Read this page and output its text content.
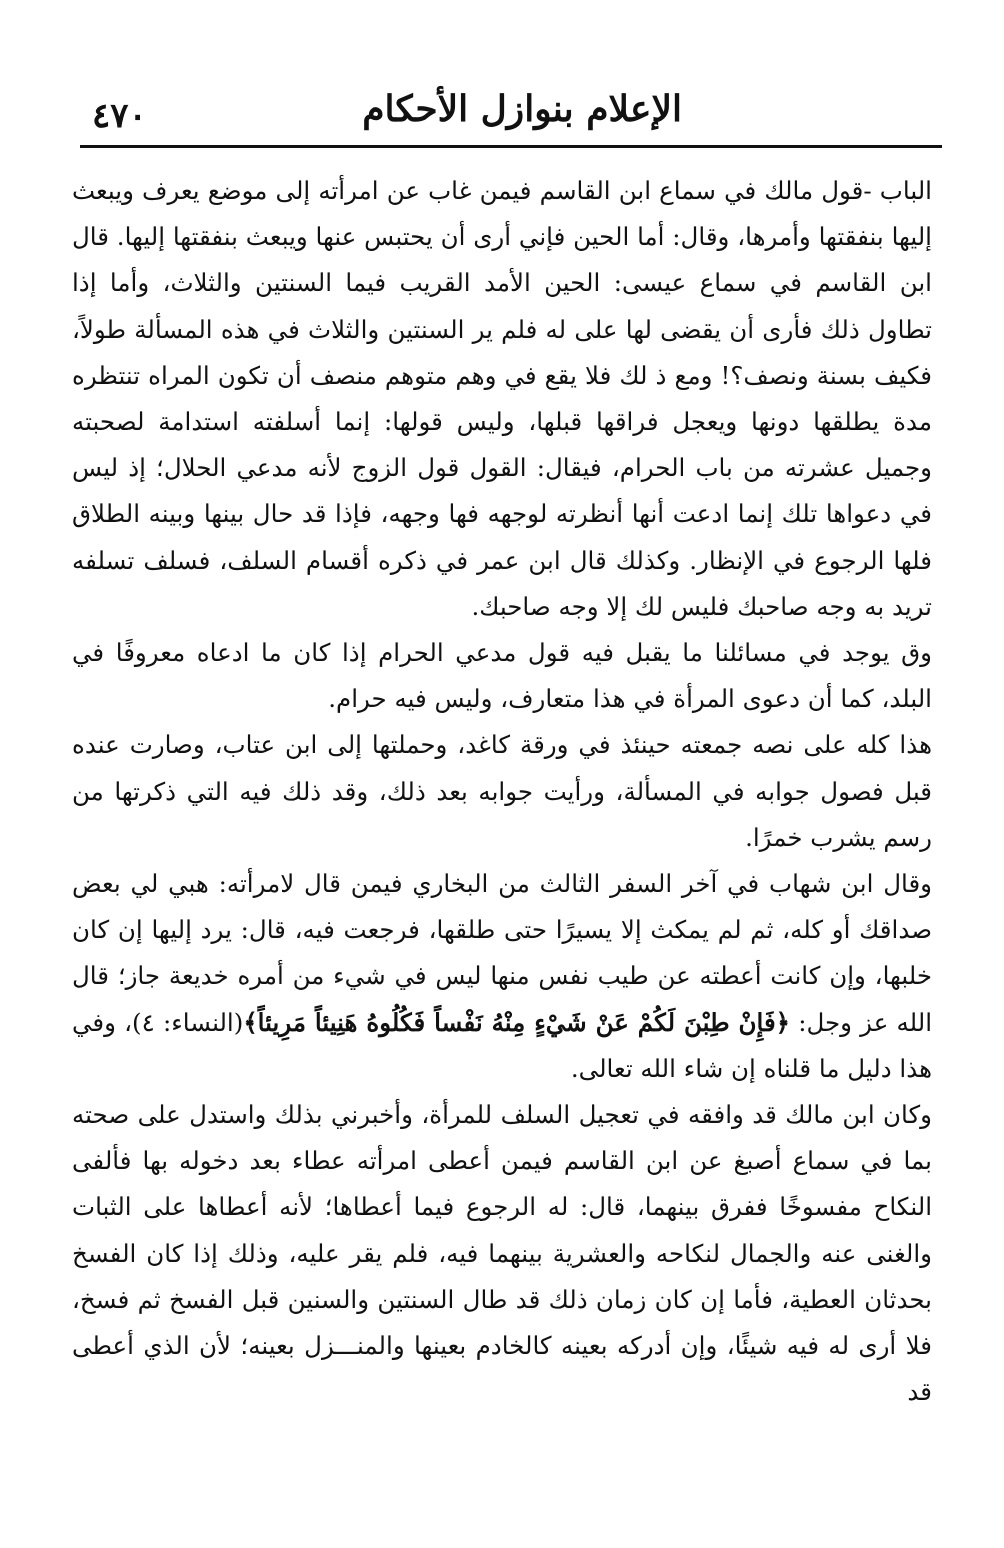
٤٧٠	الإعلام بنوازل الأحكام

الباب -قول مالك في سماع ابن القاسم فيمن غاب عن امرأته إلى موضع يعرف ويبعث إليها بنفقتها وأمرها، وقال: أما الحين فإني أرى أن يحتبس عنها ويبعث بنفقتها إليها. قال ابن القاسم في سماع عيسى: الحين الأمد القريب فيما السنتين والثلاث، وأما إذا تطاول ذلك فأرى أن يقضى لها على له فلم ير السنتين والثلاث في هذه المسألة طولاً، فكيف بسنة ونصف؟! ومع ذ لك فلا يقع في وهم متوهم منصف أن تكون المراه تنتظره مدة يطلقها دونها ويعجل فراقها قبلها، وليس قولها: إنما أسلفته استدامة لصحبته وجميل عشرته من باب الحرام، فيقال: القول قول الزوج لأنه مدعي الحلال؛ إذ ليس في دعواها تلك إنما ادعت أنها أنظرته لوجهه فها وجهه، فإذا قد حال بينها وبينه الطلاق فلها الرجوع في الإنظار. وكذلك قال ابن عمر في ذكره أقسام السلف، فسلف تسلفه تريد به وجه صاحبك فليس لك إلا وجه صاحبك.

وق يوجد في مسائلنا ما يقبل فيه قول مدعي الحرام إذا كان ما ادعاه معروفًا في البلد، كما أن دعوى المرأة في هذا متعارف، وليس فيه حرام.

هذا كله على نصه جمعته حينئذ في ورقة كاغد، وحملتها إلى ابن عتاب، وصارت عنده قبل فصول جوابه في المسألة، ورأيت جوابه بعد ذلك، وقد ذلك فيه التي ذكرتها من رسم يشرب خمرًا.

وقال ابن شهاب في آخر السفر الثالث من البخاري فيمن قال لامرأته: هبي لي بعض صداقك أو كله، ثم لم يمكث إلا يسيرًا حتى طلقها، فرجعت فيه، قال: يرد إليها إن كان خلبها، وإن كانت أعطته عن طيب نفس منها ليس في شيء من أمره خديعة جاز؛ قال الله عز وجل: ﴿فَإِنْ طِبْنَ لَكُمْ عَنْ شَيْءٍ مِنْهُ نَفْساً فَكُلُوهُ هَنِيئاً مَرِيئاً﴾(النساء: ٤)، وفي هذا دليل ما قلناه إن شاء الله تعالى.

وكان ابن مالك قد وافقه في تعجيل السلف للمرأة، وأخبرني بذلك واستدل على صحته بما في سماع أصبغ عن ابن القاسم فيمن أعطى امرأته عطاء بعد دخوله بها فألفى النكاح مفسوخًا ففرق بينهما، قال: له الرجوع فيما أعطاها؛ لأنه أعطاها على الثبات والغنى عنه والجمال لنكاحه والعشرية بينهما فيه، فلم يقر عليه، وذلك إذا كان الفسخ بحدثان العطية، فأما إن كان زمان ذلك قد طال السنتين والسنين قبل الفسخ ثم فسخ، فلا أرى له فيه شيئًا، وإن أدركه بعينه كالخادم بعينها والمنـــزل بعينه؛ لأن الذي أعطى قد
